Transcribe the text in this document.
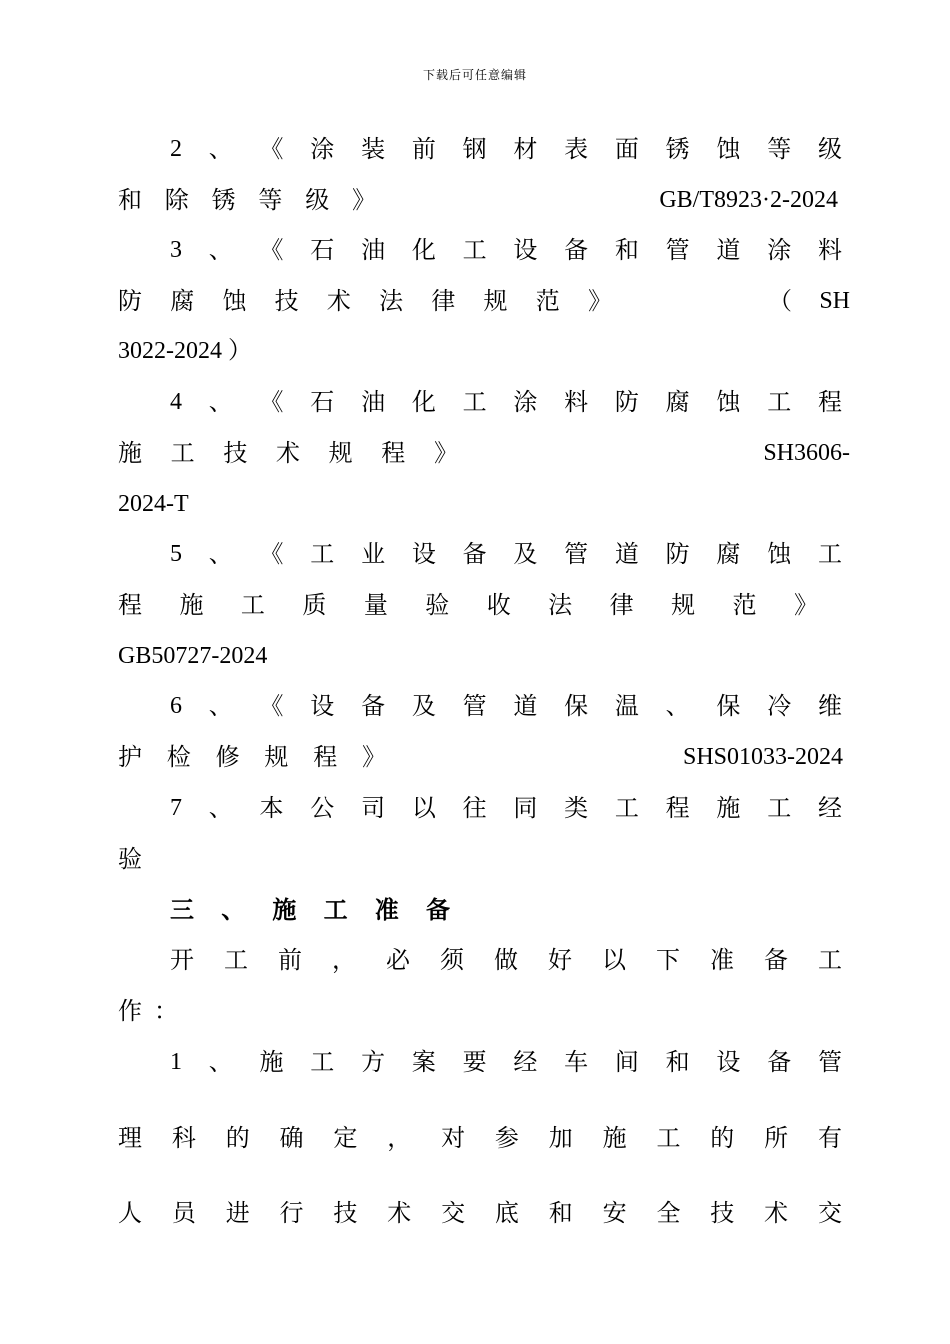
下载后可任意编辑
2 、 《 涂 装 前 钢 材 表 面 锈 蚀 等 级
和 除 锈 等 级 》	GB/T8923·2-2024
3 、 《 石 油 化 工 设 备 和 管 道 涂 料
防 腐 蚀 技 术 法 律 规 范 》	（ SH
3022-2024 ）
4 、 《 石 油 化 工 涂 料 防 腐 蚀 工 程
施 工 技 术 规 程 》	SH3606-
2024-T
5 、 《 工 业 设 备 及 管 道 防 腐 蚀 工
程 施 工 质 量 验 收 法 律 规 范 》
GB50727-2024
6 、 《 设 备 及 管 道 保 温 、 保 冷 维
护 检 修 规 程 》	SHS01033-2024
7 、 本 公 司 以 往 同 类 工 程 施 工 经
验
三 、 施 工 准 备
开 工 前 ， 必 须 做 好 以 下 准 备 工
作 ：
1 、 施 工 方 案 要 经 车 间 和 设 备 管
理 科 的 确 定 ， 对 参 加 施 工 的 所 有
人 员 进 行 技 术 交 底 和 安 全 技 术 交
